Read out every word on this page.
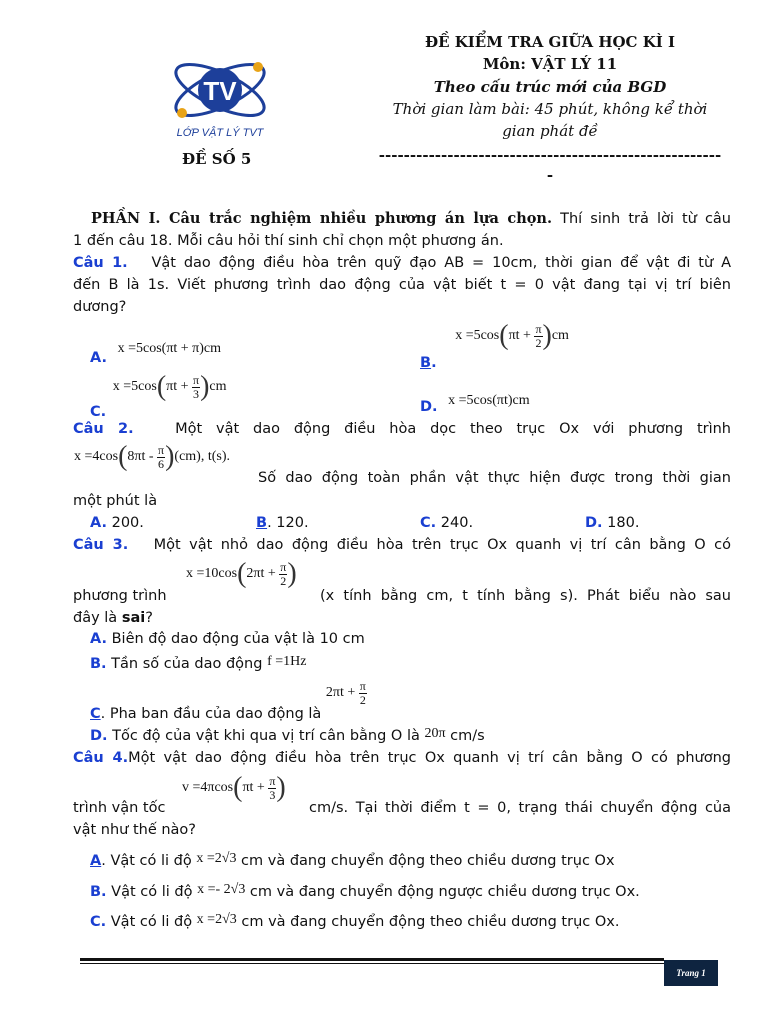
TV
LỚP VẬT LÝ TVT
ĐỀ SỐ 5
ĐỀ KIỂM TRA GIỮA HỌC KÌ I
Môn: VẬT LÝ 11
Theo cấu trúc mới của BGD
Thời gian làm bài: 45 phút, không kể thời
gian phát đề
-------------------------------------------------------
-
PHẦN I. Câu trắc nghiệm nhiều phương án lựa chọn. Thí sinh trả lời từ câu
1 đến câu 18. Mỗi câu hỏi thí sinh chỉ chọn một phương án.
Câu 1. Vật dao động điều hòa trên quỹ đạo AB = 10cm, thời gian để vật đi từ A
đến B là 1s. Viết phương trình dao động của vật biết t = 0 vật đang tại vị trí biên
dương?
A. x =5cos(πt + π)cm
B. $x =5\cos(\pi t + \frac{\pi}{2} )cm$
C. $x =5\cos(\pi t + \frac{\pi}{3} )cm$
D. x =5cos(πt)cm
Câu 2.	Một vật dao động điều hòa dọc theo trục Ox với phương trình
$x =4\cos(8\pi t - \frac{\pi}{6} )(cm)$, t(s).
Số dao động toàn phần vật thực hiện được trong thời gian
một phút là
A. 200.	B. 120.	C. 240.	D. 180.
Câu 3. Một vật nhỏ dao động điều hòa trên trục Ox quanh vị trí cân bằng O có
phương trình
$x =10\cos(2\pi t + \frac{\pi}{2}$ )
(x tính bằng cm, t tính bằng s). Phát biểu nào sau
đây là sai?
A. Biên độ dao động của vật là 10 cm
B. Tần số của dao động f =1Hz
C. Pha ban đầu của dao động là $2\pi t + \frac{\pi}{2}$
D. Tốc độ của vật khi qua vị trí cân bằng O là 20π cm/s
Câu 4.Một vật dao động điều hòa trên trục Ox quanh vị trí cân bằng O có phương
trình vận tốc
$v =4\pi\cos(\pi t + \frac{\pi}{3}$ )
cm/s. Tại thời điểm t = 0, trạng thái chuyển động của
vật như thế nào?
A. Vật có li độ x =2√3 cm và đang chuyển động theo chiều dương trục Ox
B. Vật có li độ x =- 2√3 cm và đang chuyển động ngược chiều dương trục Ox.
C. Vật có li độ x =2√3 cm và đang chuyển động theo chiều dương trục Ox.
Trang 1
